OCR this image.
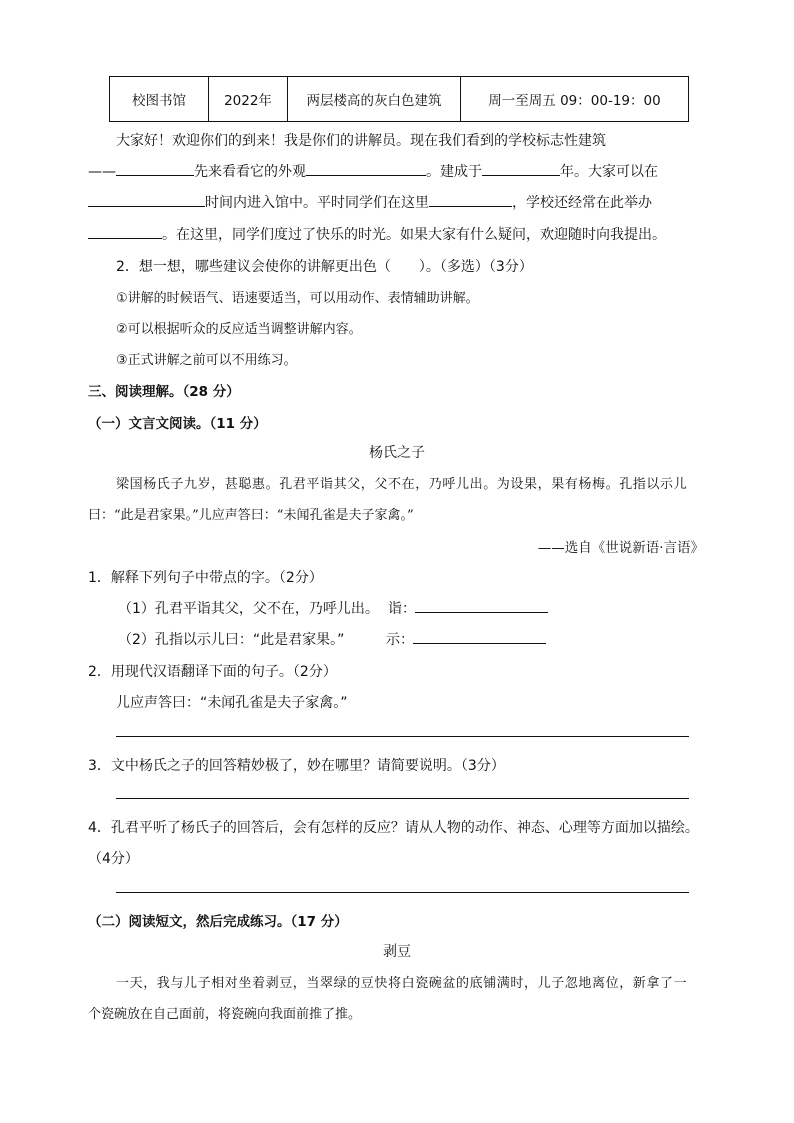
校图书馆	2022年	两层楼高的灰白色建筑	周一至周五 09：00-19：00
大家好！欢迎你们的到来！我是你们的讲解员。现在我们看到的学校标志性建筑
——	先来看看它的外观	。建成于	年。大家可以在
时间内进入馆中。平时同学们在这里	，学校还经常在此举办
。在这里，同学们度过了快乐的时光。如果大家有什么疑问，欢迎随时向我提出。
2．想一想，哪些建议会使你的讲解更出色（　　）。（多选）（3分）
①讲解的时候语气、语速要适当，可以用动作、表情辅助讲解。
②可以根据听众的反应适当调整讲解内容。
③正式讲解之前可以不用练习。
三、阅读理解。（28 分）
（一）文言文阅读。（11 分）
杨氏之子
梁国杨氏子九岁，甚聪惠。孔君平诣其父，父不在，乃呼儿出。为设果，果有杨梅。孔指以示儿
曰：“此是君家果。”儿应声答曰：“未闻孔雀是夫子家禽。”
——选自《世说新语·言语》
1．解释下列句子中带点的字。（2分）
（1）孔君平诣其父，父不在，乃呼儿出。 诣：
（2）孔指以示儿曰：“此是君家果。”	示：
2．用现代汉语翻译下面的句子。（2分）
儿应声答曰：“未闻孔雀是夫子家禽。”
3．文中杨氏之子的回答精妙极了，妙在哪里？请简要说明。（3分）
4．孔君平听了杨氏子的回答后，会有怎样的反应？请从人物的动作、神态、心理等方面加以描绘。
（4分）
（二）阅读短文，然后完成练习。（17 分）
剥豆
一天，我与儿子相对坐着剥豆，当翠绿的豆快将白瓷碗盆的底铺满时，儿子忽地离位，新拿了一
个瓷碗放在自己面前，将瓷碗向我面前推了推。
